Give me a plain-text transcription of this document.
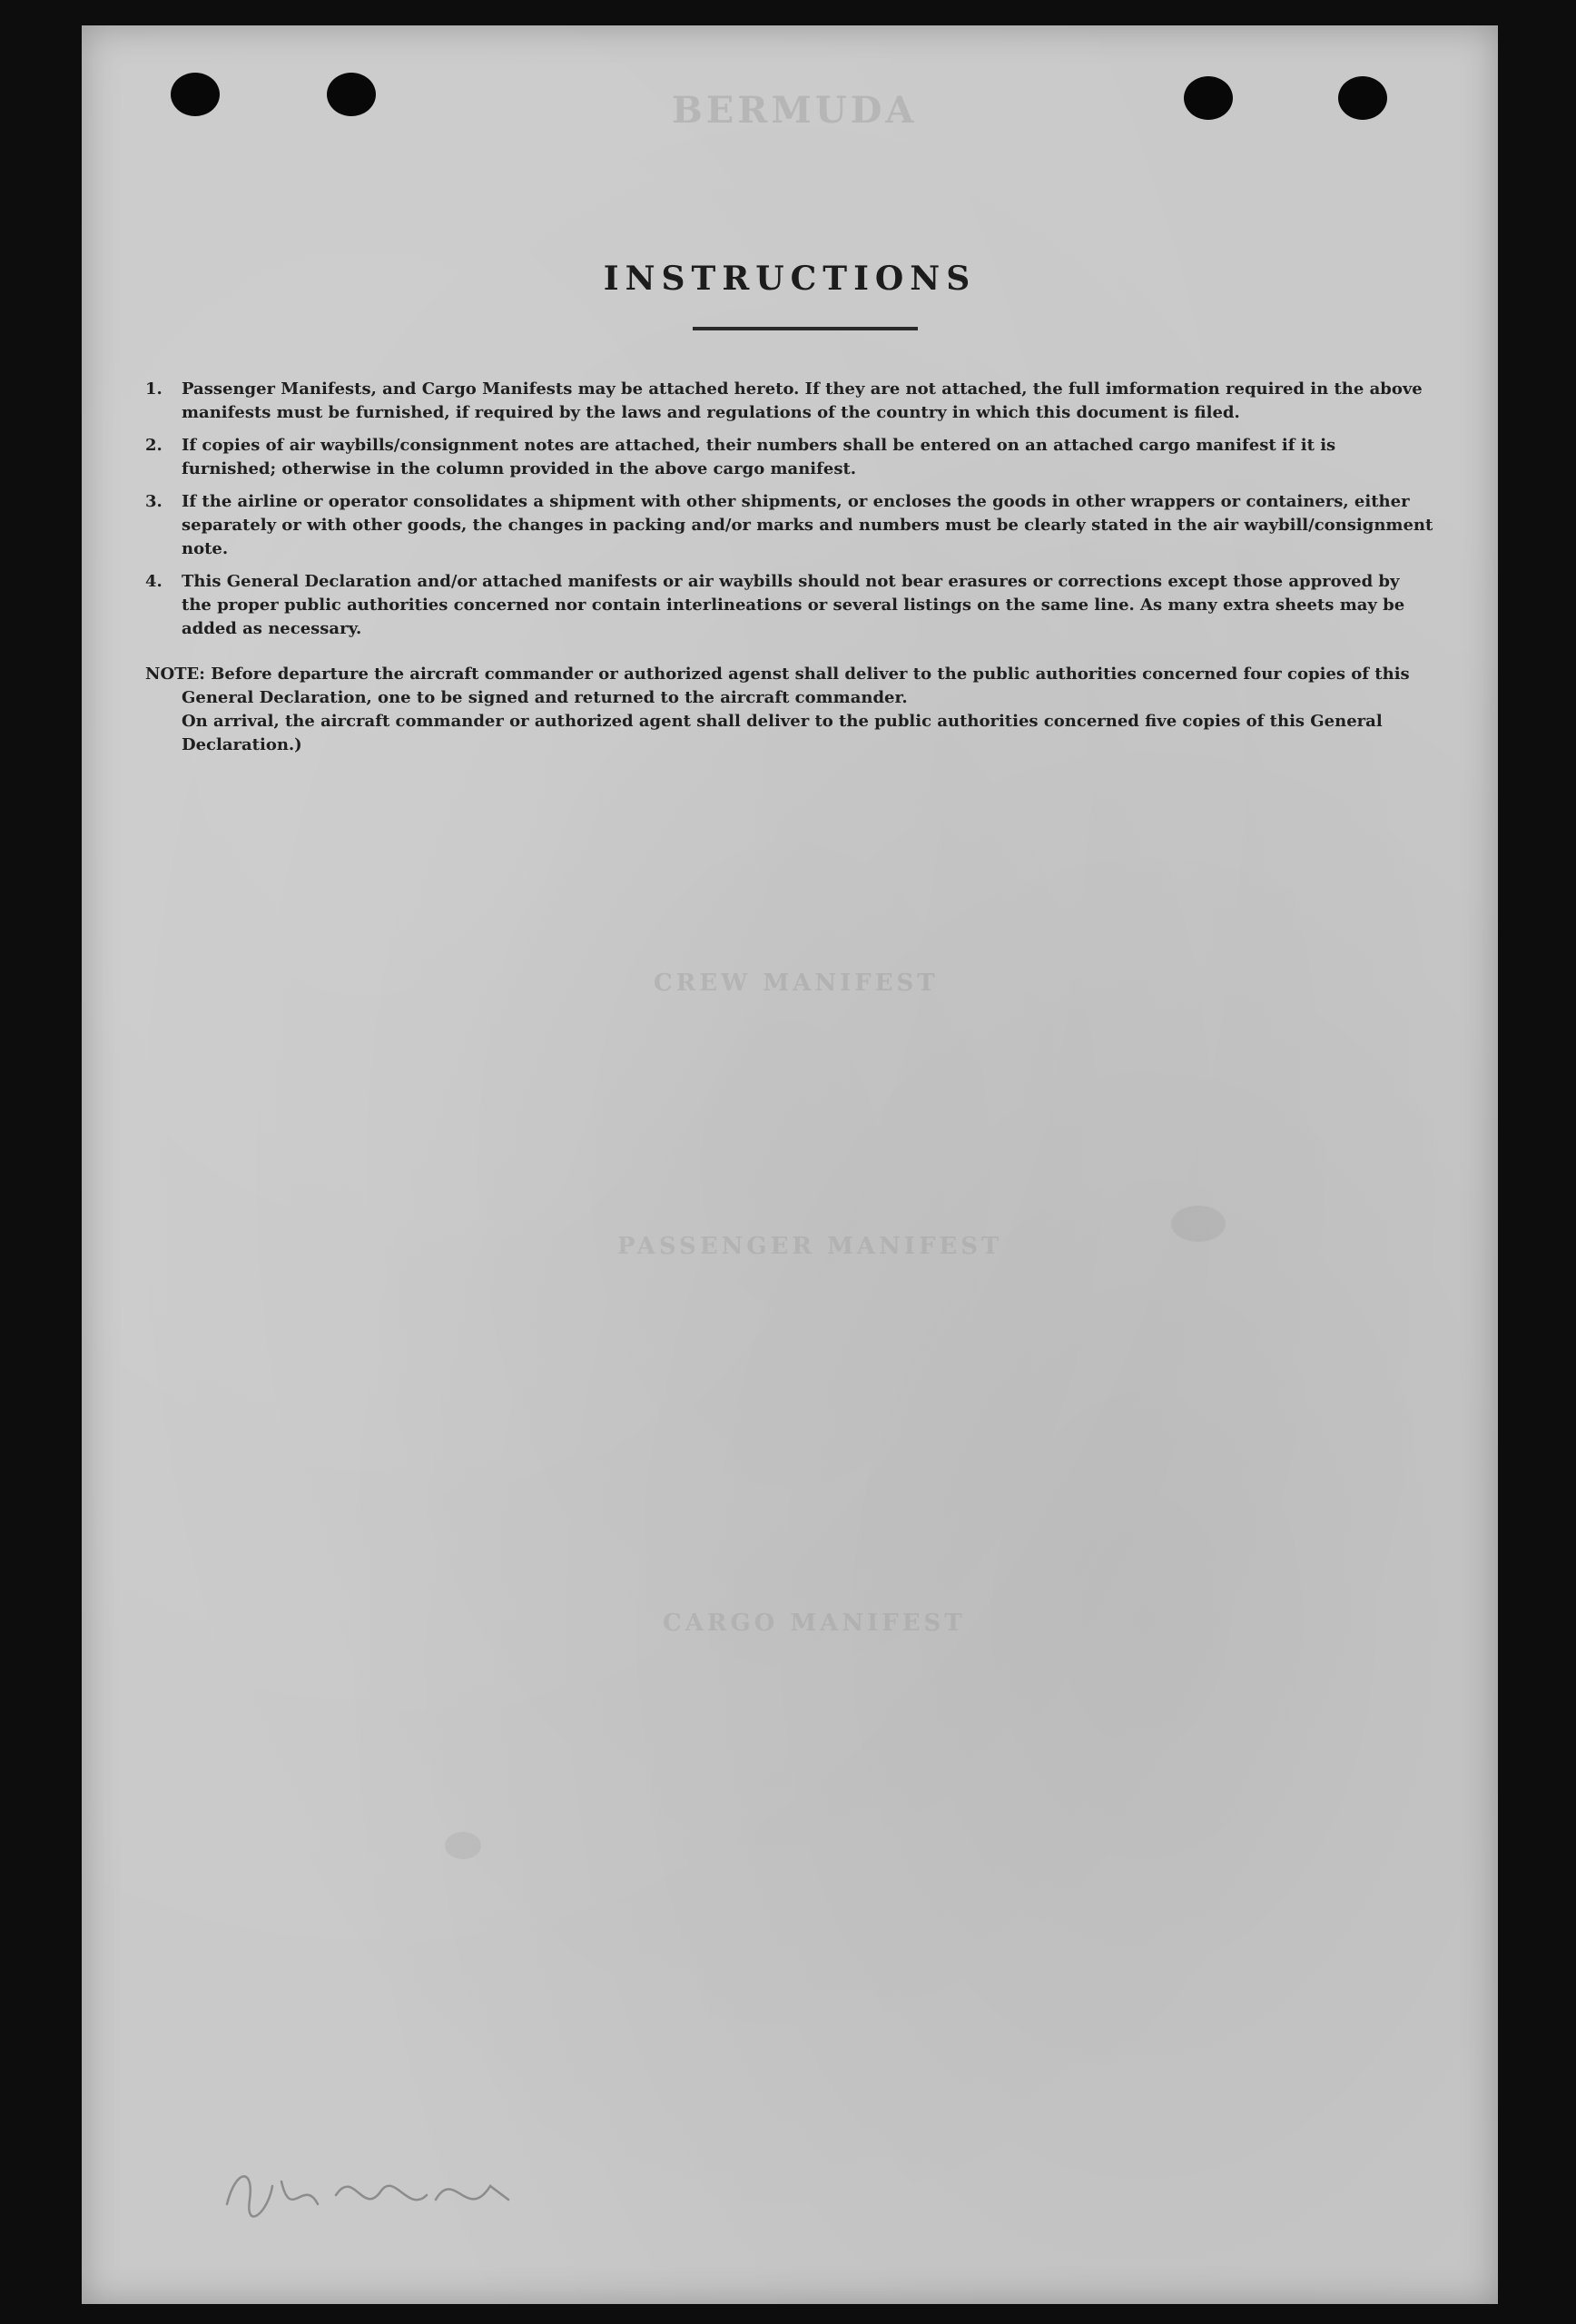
BERMUDA
CREW MANIFEST
PASSENGER MANIFEST
CARGO MANIFEST
INSTRUCTIONS
1. Passenger Manifests, and Cargo Manifests may be attached hereto. If they are not attached, the full imformation required in the above manifests must be furnished, if required by the laws and regulations of the country in which this document is filed.
2. If copies of air waybills/consignment notes are attached, their numbers shall be entered on an attached cargo manifest if it is furnished; otherwise in the column provided in the above cargo manifest.
3. If the airline or operator consolidates a shipment with other shipments, or encloses the goods in other wrappers or containers, either separately or with other goods, the changes in packing and/or marks and numbers must be clearly stated in the air waybill/consignment note.
4. This General Declaration and/or attached manifests or air waybills should not bear erasures or corrections except those approved by the proper public authorities concerned nor contain interlineations or several listings on the same line. As many extra sheets may be added as necessary.
NOTE: Before departure the aircraft commander or authorized agenst shall deliver to the public authorities concerned four copies of this General Declaration, one to be signed and returned to the aircraft commander.
On arrival, the aircraft commander or authorized agent shall deliver to the public authorities concerned five copies of this General Declaration.)
